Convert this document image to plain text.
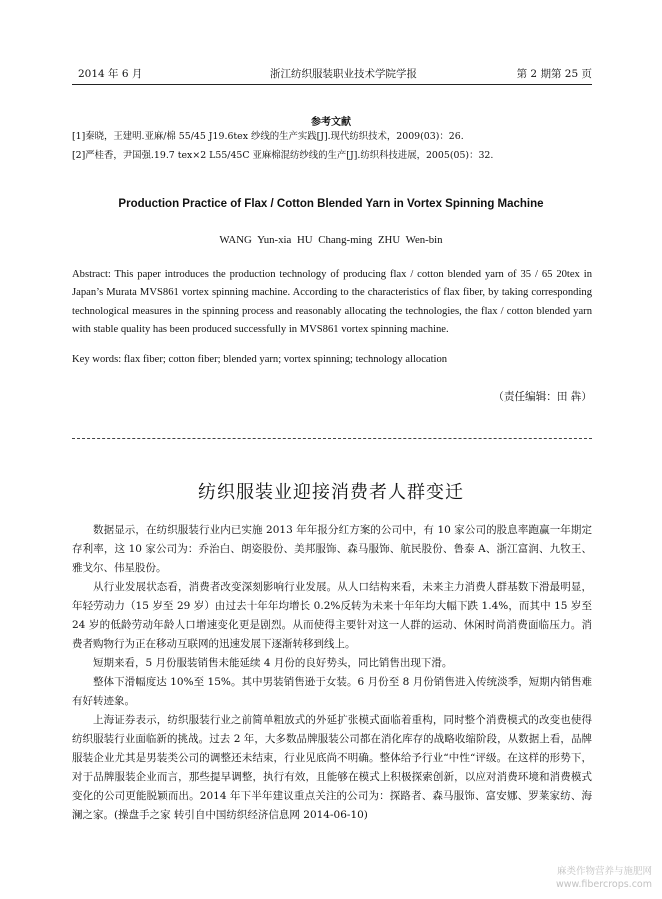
2014 年 6 月	浙江纺织服装职业技术学院学报	第 2 期第 25 页
参考文献
[1]秦晓，王建明.亚麻/棉 55/45 J19.6tex 纱线的生产实践[J].现代纺织技术，2009(03)：26.
[2]严桂香，尹国强.19.7 tex×2 L55/45C 亚麻棉混纺纱线的生产[J].纺织科技进展，2005(05)：32.
Production Practice of Flax / Cotton Blended Yarn in Vortex Spinning Machine
WANG Yun-xia HU Chang-ming ZHU Wen-bin
Abstract: This paper introduces the production technology of producing flax / cotton blended yarn of 35 / 65 20tex in Japan’s Murata MVS861 vortex spinning machine. According to the characteristics of flax fiber, by taking corresponding technological measures in the spinning process and reasonably allocating the technologies, the flax / cotton blended yarn with stable quality has been produced successfully in MVS861 vortex spinning machine.
Key words: flax fiber; cotton fiber; blended yarn; vortex spinning; technology allocation
（责任编辑：田 犇）
纺织服装业迎接消费者人群变迁

数据显示，在纺织服装行业内已实施 2013 年年报分红方案的公司中，有 10 家公司的股息率跑赢一年期定存利率，这 10 家公司为：乔治白、朗姿股份、美邦服饰、森马服饰、航民股份、鲁泰 A、浙江富润、九牧王、雅戈尔、伟星股份。

从行业发展状态看，消费者改变深刻影响行业发展。从人口结构来看，未来主力消费人群基数下滑最明显，年轻劳动力（15 岁至 29 岁）由过去十年年均增长 0.2%反转为未来十年年均大幅下跌 1.4%，而其中 15 岁至 24 岁的低龄劳动年龄人口增速变化更是剧烈。从而使得主要针对这一人群的运动、休闲时尚消费面临压力。消费者购物行为正在移动互联网的迅速发展下逐渐转移到线上。

短期来看，5 月份服装销售未能延续 4 月份的良好势头，同比销售出现下滑。

整体下滑幅度达 10%至 15%。其中男装销售逊于女装。6 月份至 8 月份销售进入传统淡季，短期内销售难有好转迹象。

上海证券表示，纺织服装行业之前简单粗放式的外延扩张模式面临着重构，同时整个消费模式的改变也使得纺织服装行业面临新的挑战。过去 2 年，大多数品牌服装公司都在消化库存的战略收缩阶段，从数据上看，品牌服装企业尤其是男装类公司的调整还未结束，行业见底尚不明确。整体给予行业“中性“评级。在这样的形势下，对于品牌服装企业而言，那些提早调整，执行有效，且能够在模式上积极探索创新，以应对消费环境和消费模式变化的公司更能脱颖而出。2014 年下半年建议重点关注的公司为：探路者、森马服饰、富安娜、罗莱家纺、海澜之家。(操盘手之家 转引自中国纺织经济信息网 2014-06-10)

麻类作物营养与施肥网
www.fibercrops.com
